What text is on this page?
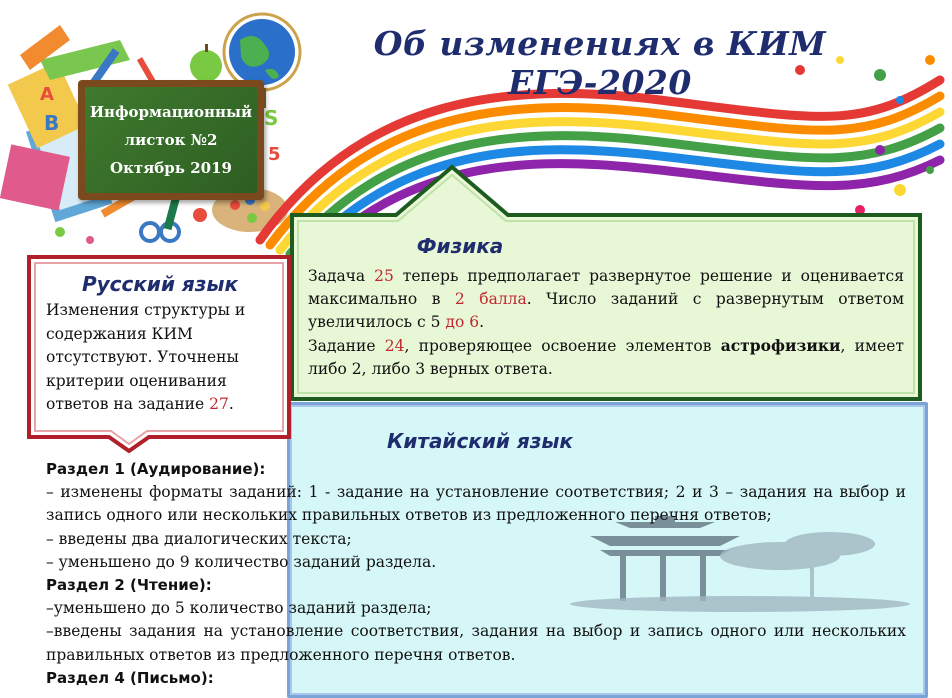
B
A
S
5
Об изменениях в КИМ ЕГЭ-2020
Информационный
листок №2
Октябрь 2019
Физика
Задача 25 теперь предполагает развернутое решение и оценивается максимально в 2 балла. Число заданий с развернутым ответом увеличилось с 5 до 6.
Задание 24, проверяющее освоение элементов астрофизики, имеет либо 2, либо 3 верных ответа.
Китайский язык
Раздел 1 (Аудирование):
– изменены форматы заданий: 1 - задание на установление соответствия; 2 и 3 – задания на выбор и запись одного или нескольких правильных ответов из предложенного перечня ответов;
– введены два диалогических текста;
– уменьшено до 9 количество заданий раздела.
Раздел 2 (Чтение):
–уменьшено до 5 количество заданий раздела;
–введены задания на установление соответствия, задания на выбор и запись одного или нескольких правильных ответов из предложенного перечня ответов.
Раздел 4 (Письмо):
Русский язык
Изменения структуры и содержания КИМ отсутствуют. Уточнены критерии оценивания ответов на задание 27.
